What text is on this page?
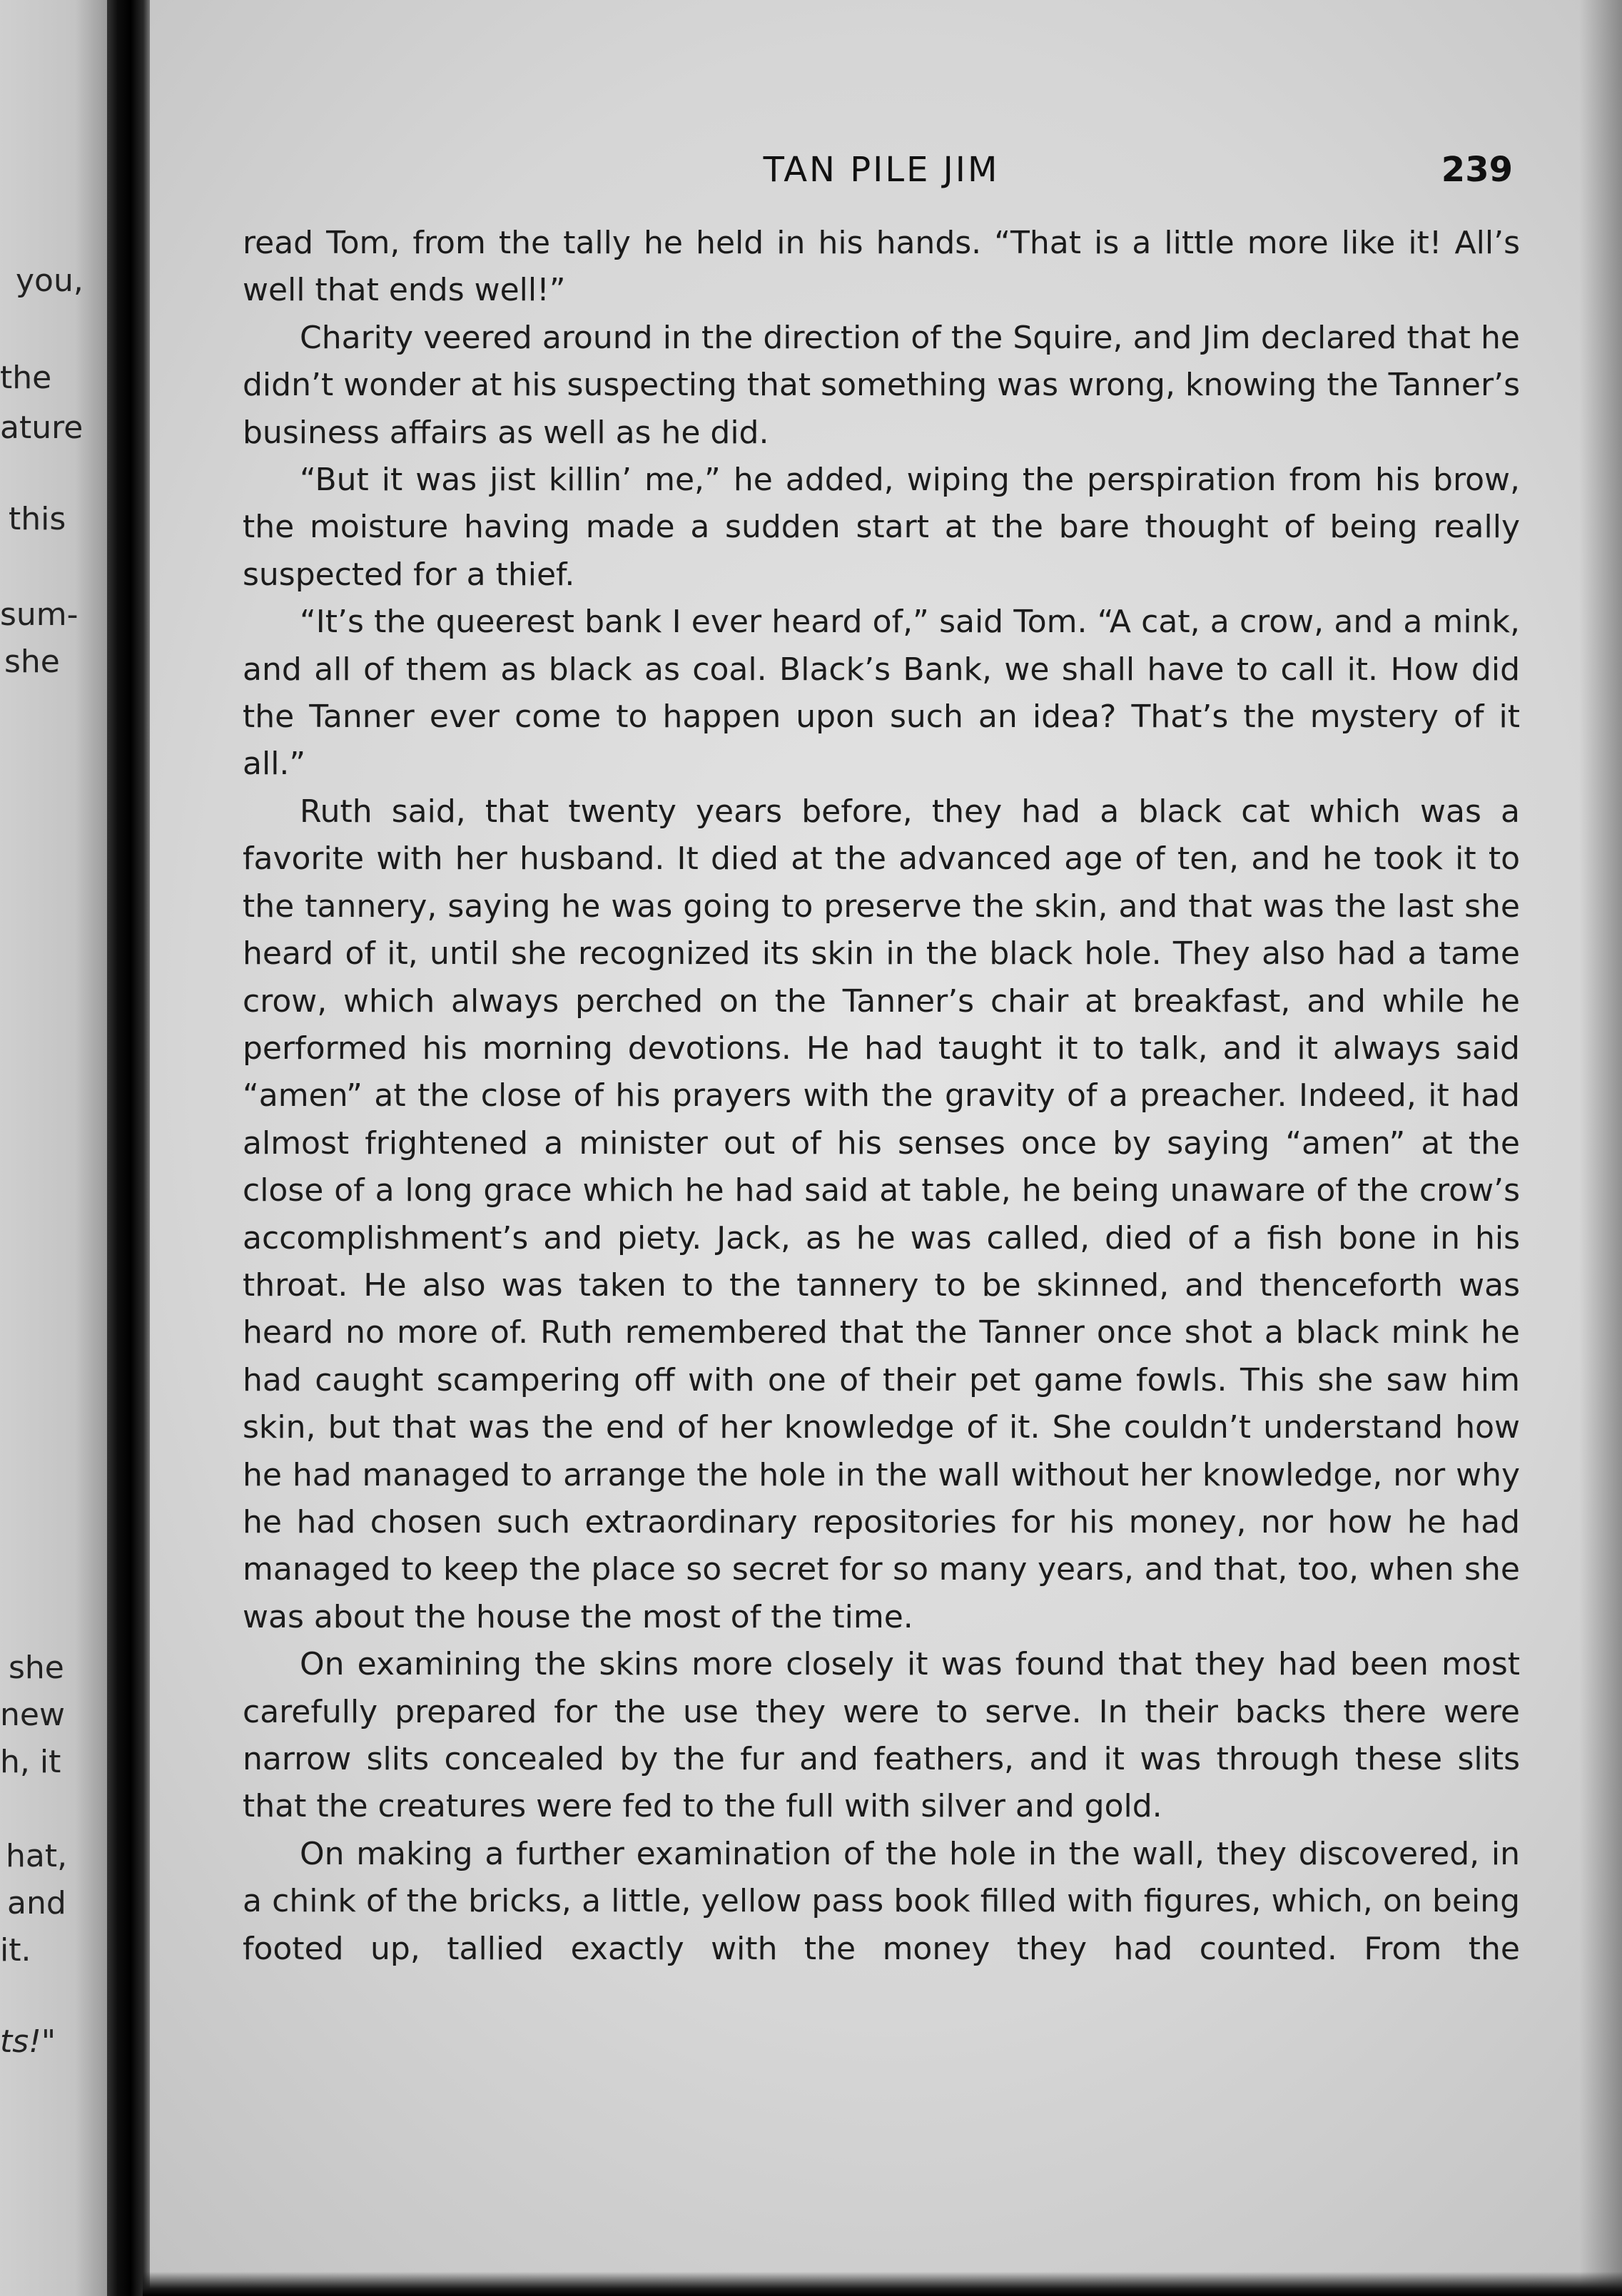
you,
the
ature
this
sum-
she
she
new
h, it
hat,
and
it.
ts!"
TAN PILE JIM	239

read Tom, from the tally he held in his hands. “That is a little more like it! All’s well that ends well!”

Charity veered around in the direction of the Squire, and Jim declared that he didn’t wonder at his suspecting that something was wrong, knowing the Tanner’s business affairs as well as he did.

“But it was jist killin’ me,” he added, wiping the perspiration from his brow, the moisture having made a sudden start at the bare thought of being really suspected for a thief.

“It’s the queerest bank I ever heard of,” said Tom. “A cat, a crow, and a mink, and all of them as black as coal. Black’s Bank, we shall have to call it. How did the Tanner ever come to happen upon such an idea? That’s the mystery of it all.”

Ruth said, that twenty years before, they had a black cat which was a favorite with her husband. It died at the advanced age of ten, and he took it to the tannery, saying he was going to preserve the skin, and that was the last she heard of it, until she recognized its skin in the black hole. They also had a tame crow, which always perched on the Tanner’s chair at breakfast, and while he performed his morning devotions. He had taught it to talk, and it always said “amen” at the close of his prayers with the gravity of a preacher. Indeed, it had almost frightened a minister out of his senses once by saying “amen” at the close of a long grace which he had said at table, he being unaware of the crow’s accomplishment’s and piety. Jack, as he was called, died of a fish bone in his throat. He also was taken to the tannery to be skinned, and thenceforth was heard no more of. Ruth remembered that the Tanner once shot a black mink he had caught scampering off with one of their pet game fowls. This she saw him skin, but that was the end of her knowledge of it. She couldn’t understand how he had managed to arrange the hole in the wall without her knowledge, nor why he had chosen such extraordinary repositories for his money, nor how he had managed to keep the place so secret for so many years, and that, too, when she was about the house the most of the time.

On examining the skins more closely it was found that they had been most carefully prepared for the use they were to serve. In their backs there were narrow slits concealed by the fur and feathers, and it was through these slits that the creatures were fed to the full with silver and gold.

On making a further examination of the hole in the wall, they discovered, in a chink of the bricks, a little, yellow pass book filled with figures, which, on being footed up, tallied exactly with the money they had counted. From the
